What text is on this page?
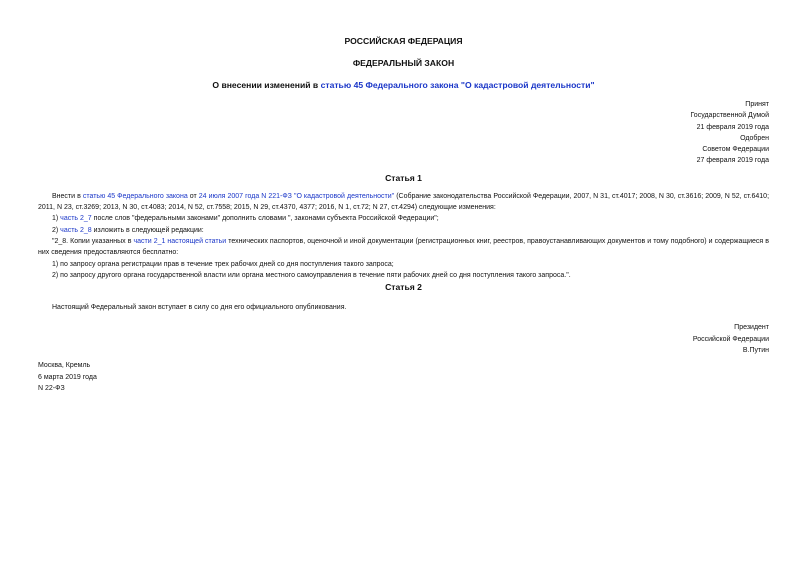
РОССИЙСКАЯ ФЕДЕРАЦИЯ
ФЕДЕРАЛЬНЫЙ ЗАКОН
О внесении изменений в статью 45 Федерального закона "О кадастровой деятельности"
Принят
Государственной Думой
21 февраля 2019 года
Одобрен
Советом Федерации
27 февраля 2019 года
Статья 1
Внести в статью 45 Федерального закона от 24 июля 2007 года N 221-ФЗ "О кадастровой деятельности" (Собрание законодательства Российской Федерации, 2007, N 31, ст.4017; 2008, N 30, ст.3616; 2009, N 52, ст.6410; 2011, N 23, ст.3269; 2013, N 30, ст.4083; 2014, N 52, ст.7558; 2015, N 29, ст.4370, 4377; 2016, N 1, ст.72; N 27, ст.4294) следующие изменения:
1) часть 2_7 после слов "федеральными законами" дополнить словами ", законами субъекта Российской Федерации";
2) часть 2_8 изложить в следующей редакции:
"2_8. Копии указанных в части 2_1 настоящей статьи технических паспортов, оценочной и иной документации (регистрационных книг, реестров, правоустанавливающих документов и тому подобного) и содержащиеся в них сведения предоставляются бесплатно:
1) по запросу органа регистрации прав в течение трех рабочих дней со дня поступления такого запроса;
2) по запросу другого органа государственной власти или органа местного самоуправления в течение пяти рабочих дней со дня поступления такого запроса.".
Статья 2
Настоящий Федеральный закон вступает в силу со дня его официального опубликования.
Президент
Российской Федерации
В.Путин
Москва, Кремль
6 марта 2019 года
N 22-ФЗ
